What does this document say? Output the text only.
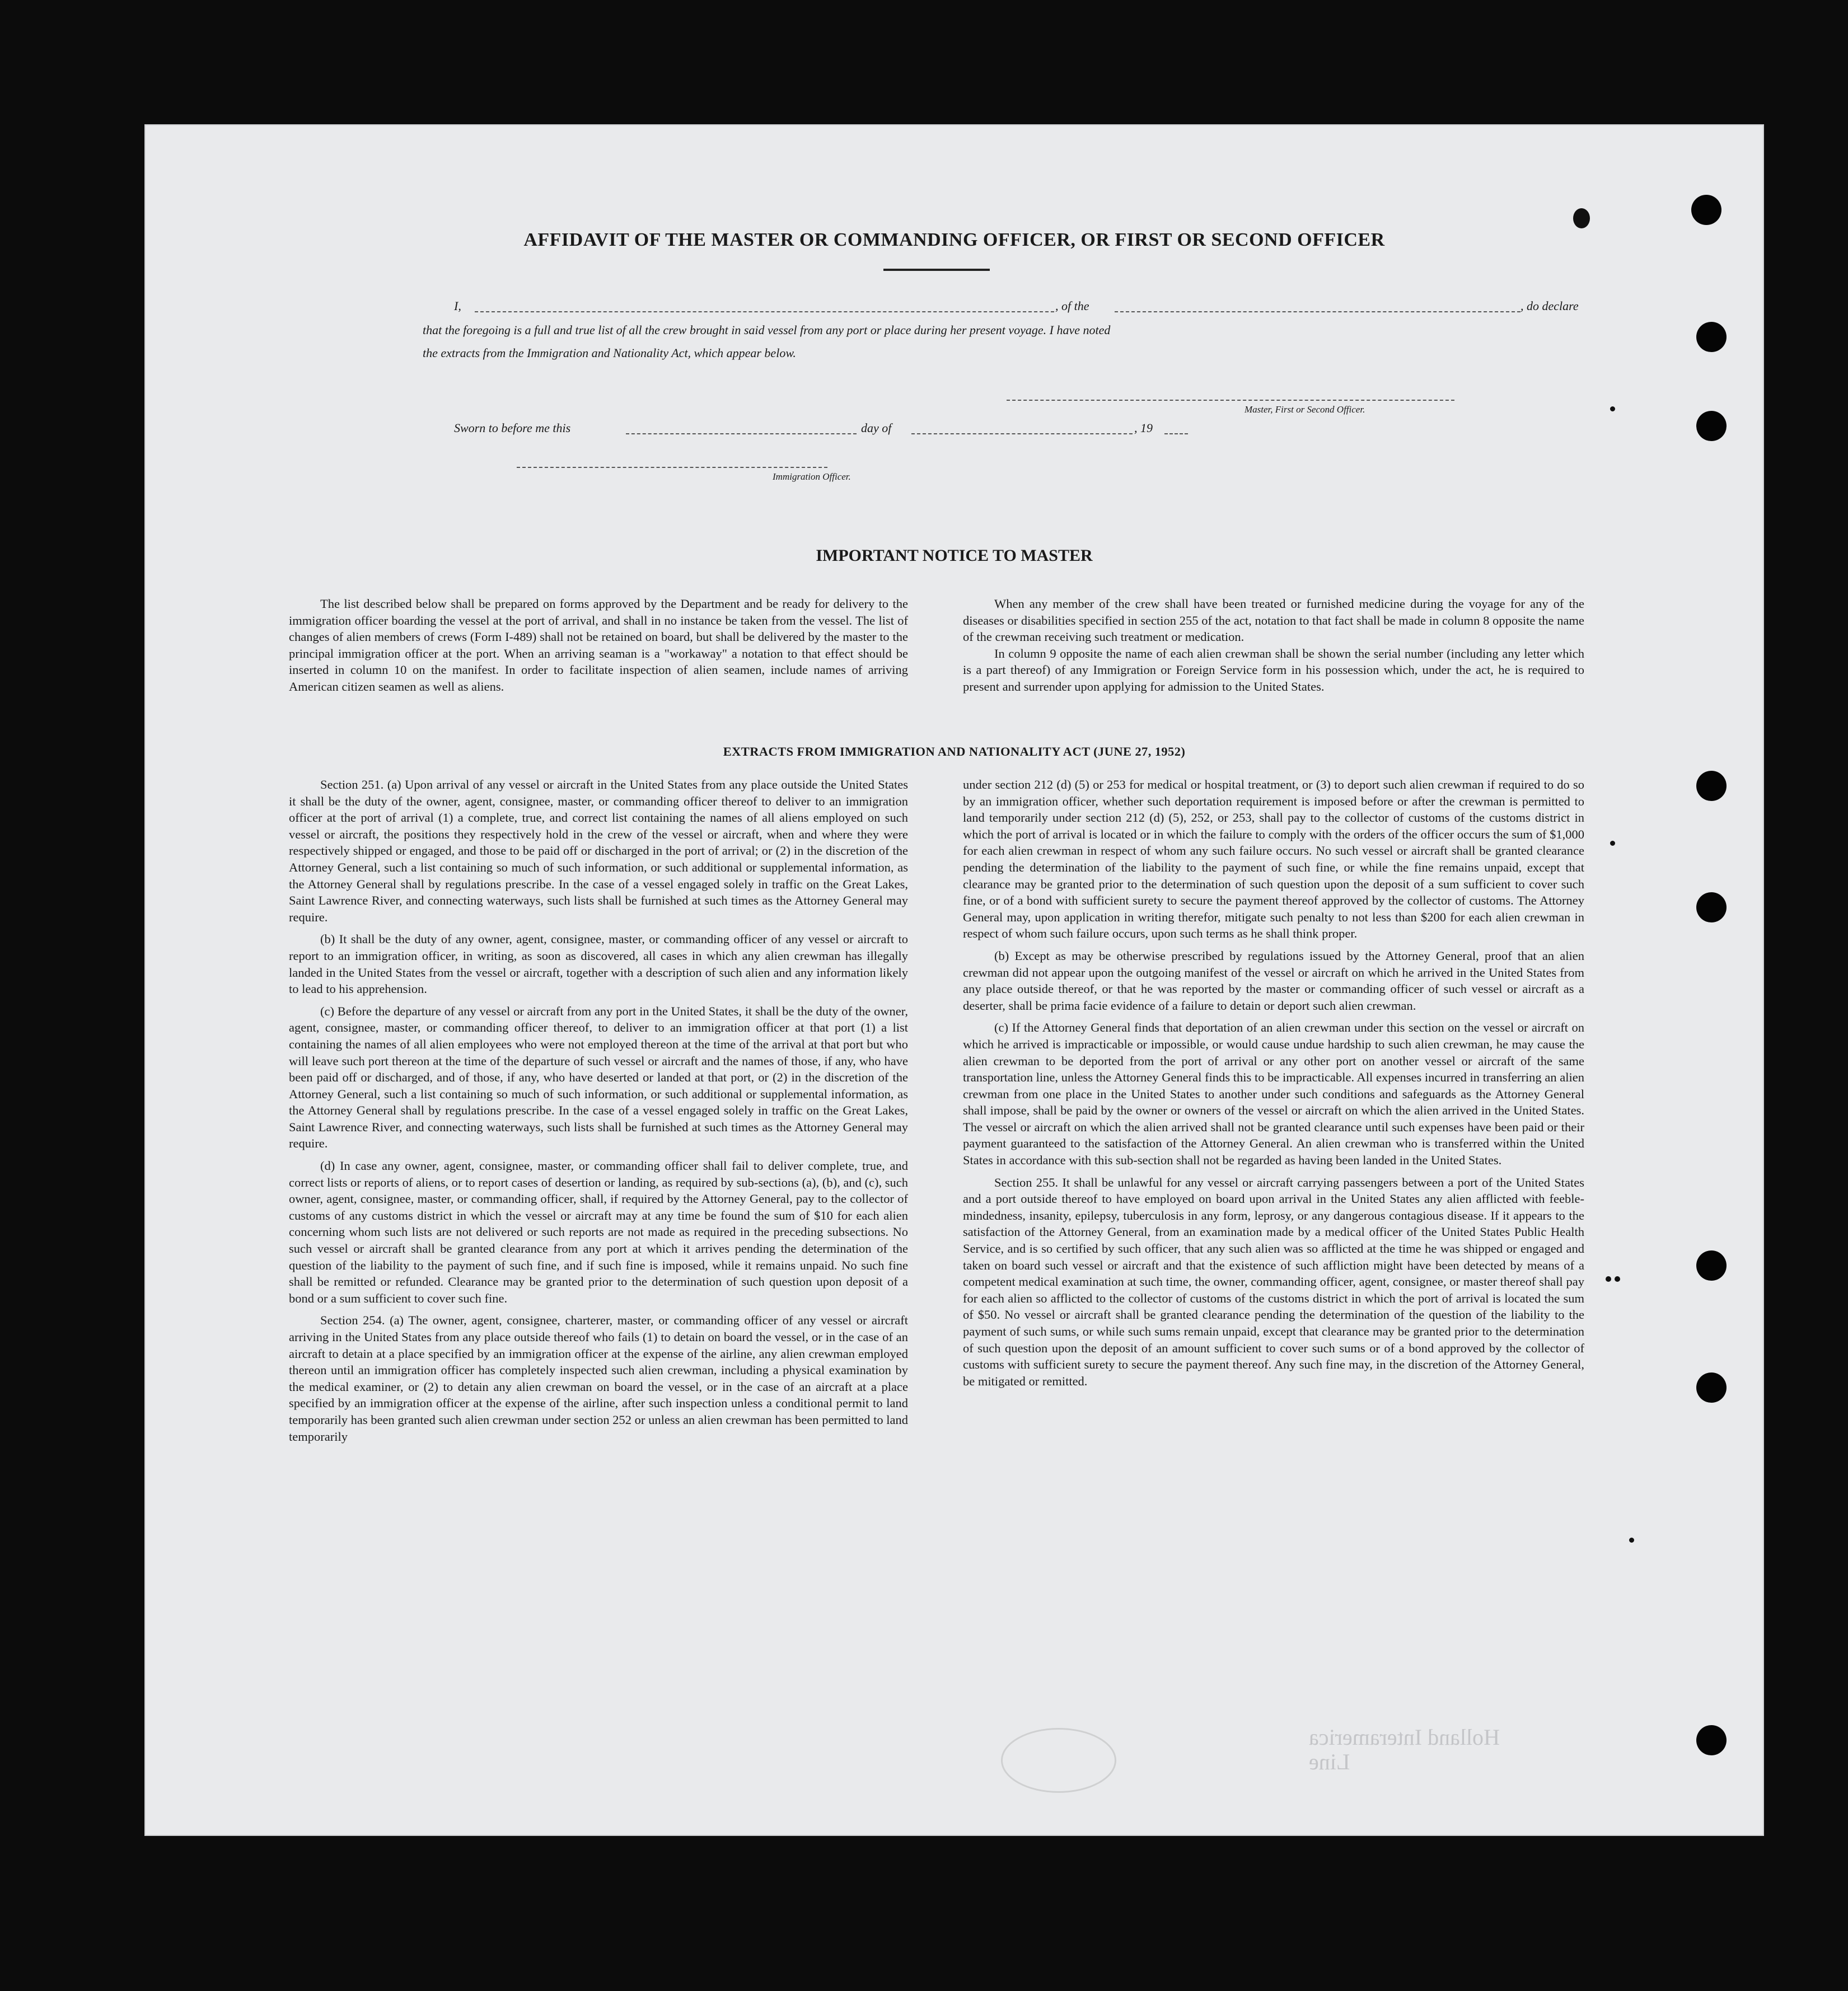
AFFIDAVIT OF THE MASTER OR COMMANDING OFFICER, OR FIRST OR SECOND OFFICER
I,	, of the	, do declare
that the foregoing is a full and true list of all the crew brought in said vessel from any port or place during her present voyage. I have noted
the extracts from the Immigration and Nationality Act, which appear below.
Master, First or Second Officer.
Sworn to before me this	day of	, 19
Immigration Officer.
IMPORTANT NOTICE TO MASTER

The list described below shall be prepared on forms approved by the Department and be ready for delivery to the immigration officer boarding the vessel at the port of arrival, and shall in no instance be taken from the vessel. The list of changes of alien members of crews (Form I-489) shall not be retained on board, but shall be delivered by the master to the principal immigration officer at the port. When an arriving seaman is a "workaway" a notation to that effect should be inserted in column 10 on the manifest. In order to facilitate inspection of alien seamen, include names of arriving American citizen seamen as well as aliens.

When any member of the crew shall have been treated or furnished medicine during the voyage for any of the diseases or disabilities specified in section 255 of the act, notation to that fact shall be made in column 8 opposite the name of the crewman receiving such treatment or medication.

In column 9 opposite the name of each alien crewman shall be shown the serial number (including any letter which is a part thereof) of any Immigration or Foreign Service form in his possession which, under the act, he is required to present and surrender upon applying for admission to the United States.

EXTRACTS FROM IMMIGRATION AND NATIONALITY ACT (JUNE 27, 1952)

Section 251. (a) Upon arrival of any vessel or aircraft in the United States from any place outside the United States it shall be the duty of the owner, agent, consignee, master, or commanding officer thereof to deliver to an immigration officer at the port of arrival (1) a complete, true, and correct list containing the names of all aliens employed on such vessel or aircraft, the positions they respectively hold in the crew of the vessel or aircraft, when and where they were respectively shipped or engaged, and those to be paid off or discharged in the port of arrival; or (2) in the discretion of the Attorney General, such a list containing so much of such information, or such additional or supplemental information, as the Attorney General shall by regulations prescribe. In the case of a vessel engaged solely in traffic on the Great Lakes, Saint Lawrence River, and connecting waterways, such lists shall be furnished at such times as the Attorney General may require.

(b) It shall be the duty of any owner, agent, consignee, master, or commanding officer of any vessel or aircraft to report to an immigration officer, in writing, as soon as discovered, all cases in which any alien crewman has illegally landed in the United States from the vessel or aircraft, together with a description of such alien and any information likely to lead to his apprehension.

(c) Before the departure of any vessel or aircraft from any port in the United States, it shall be the duty of the owner, agent, consignee, master, or commanding officer thereof, to deliver to an immigration officer at that port (1) a list containing the names of all alien employees who were not employed thereon at the time of the arrival at that port but who will leave such port thereon at the time of the departure of such vessel or aircraft and the names of those, if any, who have been paid off or discharged, and of those, if any, who have deserted or landed at that port, or (2) in the discretion of the Attorney General, such a list containing so much of such information, or such additional or supplemental information, as the Attorney General shall by regulations prescribe. In the case of a vessel engaged solely in traffic on the Great Lakes, Saint Lawrence River, and connecting waterways, such lists shall be furnished at such times as the Attorney General may require.

(d) In case any owner, agent, consignee, master, or commanding officer shall fail to deliver complete, true, and correct lists or reports of aliens, or to report cases of desertion or landing, as required by sub-sections (a), (b), and (c), such owner, agent, consignee, master, or commanding officer, shall, if required by the Attorney General, pay to the collector of customs of any customs district in which the vessel or aircraft may at any time be found the sum of $10 for each alien concerning whom such lists are not delivered or such reports are not made as required in the preceding subsections. No such vessel or aircraft shall be granted clearance from any port at which it arrives pending the determination of the question of the liability to the payment of such fine, and if such fine is imposed, while it remains unpaid. No such fine shall be remitted or refunded. Clearance may be granted prior to the determination of such question upon deposit of a bond or a sum sufficient to cover such fine.

Section 254. (a) The owner, agent, consignee, charterer, master, or commanding officer of any vessel or aircraft arriving in the United States from any place outside thereof who fails (1) to detain on board the vessel, or in the case of an aircraft to detain at a place specified by an immigration officer at the expense of the airline, any alien crewman employed thereon until an immigration officer has completely inspected such alien crewman, including a physical examination by the medical examiner, or (2) to detain any alien crewman on board the vessel, or in the case of an aircraft at a place specified by an immigration officer at the expense of the airline, after such inspection unless a conditional permit to land temporarily has been granted such alien crewman under section 252 or unless an alien crewman has been permitted to land temporarily

under section 212 (d) (5) or 253 for medical or hospital treatment, or (3) to deport such alien crewman if required to do so by an immigration officer, whether such deportation requirement is imposed before or after the crewman is permitted to land temporarily under section 212 (d) (5), 252, or 253, shall pay to the collector of customs of the customs district in which the port of arrival is located or in which the failure to comply with the orders of the officer occurs the sum of $1,000 for each alien crewman in respect of whom any such failure occurs. No such vessel or aircraft shall be granted clearance pending the determination of the liability to the payment of such fine, or while the fine remains unpaid, except that clearance may be granted prior to the determination of such question upon the deposit of a sum sufficient to cover such fine, or of a bond with sufficient surety to secure the payment thereof approved by the collector of customs. The Attorney General may, upon application in writing therefor, mitigate such penalty to not less than $200 for each alien crewman in respect of whom such failure occurs, upon such terms as he shall think proper.

(b) Except as may be otherwise prescribed by regulations issued by the Attorney General, proof that an alien crewman did not appear upon the outgoing manifest of the vessel or aircraft on which he arrived in the United States from any place outside thereof, or that he was reported by the master or commanding officer of such vessel or aircraft as a deserter, shall be prima facie evidence of a failure to detain or deport such alien crewman.

(c) If the Attorney General finds that deportation of an alien crewman under this section on the vessel or aircraft on which he arrived is impracticable or impossible, or would cause undue hardship to such alien crewman, he may cause the alien crewman to be deported from the port of arrival or any other port on another vessel or aircraft of the same transportation line, unless the Attorney General finds this to be impracticable. All expenses incurred in transferring an alien crewman from one place in the United States to another under such conditions and safeguards as the Attorney General shall impose, shall be paid by the owner or owners of the vessel or aircraft on which the alien arrived in the United States. The vessel or aircraft on which the alien arrived shall not be granted clearance until such expenses have been paid or their payment guaranteed to the satisfaction of the Attorney General. An alien crewman who is transferred within the United States in accordance with this sub-section shall not be regarded as having been landed in the United States.

Section 255. It shall be unlawful for any vessel or aircraft carrying passengers between a port of the United States and a port outside thereof to have employed on board upon arrival in the United States any alien afflicted with feeble-mindedness, insanity, epilepsy, tuberculosis in any form, leprosy, or any dangerous contagious disease. If it appears to the satisfaction of the Attorney General, from an examination made by a medical officer of the United States Public Health Service, and is so certified by such officer, that any such alien was so afflicted at the time he was shipped or engaged and taken on board such vessel or aircraft and that the existence of such affliction might have been detected by means of a competent medical examination at such time, the owner, commanding officer, agent, consignee, or master thereof shall pay for each alien so afflicted to the collector of customs of the customs district in which the port of arrival is located the sum of $50. No vessel or aircraft shall be granted clearance pending the determination of the question of the liability to the payment of such sums, or while such sums remain unpaid, except that clearance may be granted prior to the determination of such question upon the deposit of an amount sufficient to cover such sums or of a bond approved by the collector of customs with sufficient surety to secure the payment thereof. Any such fine may, in the discretion of the Attorney General, be mitigated or remitted.

Holland Interamerica
Line
